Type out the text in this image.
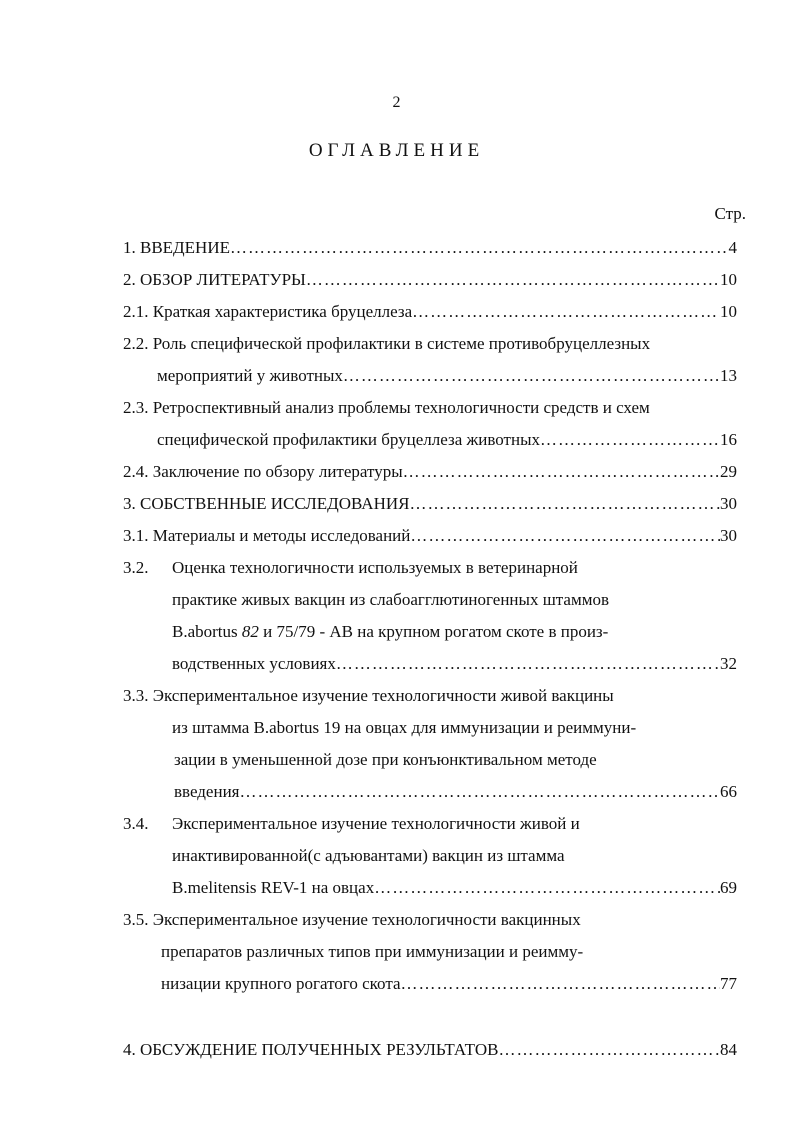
2
ОГЛАВЛЕНИЕ
Стр.
1. ВВЕДЕНИЕ ………………………………………………………………………………………………………………………………………………	4
2. ОБЗОР ЛИТЕРАТУРЫ ………………………………………………………………………………………………………………………………………………	10
2.1. Краткая характеристика бруцеллеза ………………………………………………………………………………………………………………………………………………	10
2.2. Роль специфической профилактики в системе противобруцеллезных
мероприятий у животных ………………………………………………………………………………………………………………………………………………	13
2.3. Ретроспективный анализ проблемы технологичности средств и схем
специфической профилактики бруцеллеза животных ………………………………………………………………………………………………………………………………………………	16
2.4. Заключение по обзору литературы ………………………………………………………………………………………………………………………………………………	29
3. СОБСТВЕННЫЕ ИССЛЕДОВАНИЯ ………………………………………………………………………………………………………………………………………………	30
3.1. Материалы и методы исследований ………………………………………………………………………………………………………………………………………………	30
3.2. Оценка технологичности используемых в ветеринарной
практике живых вакцин из слабоагглютиногенных штаммов
B.abortus 82 и 75/79 - АВ на крупном рогатом скоте в произ-
водственных условиях ………………………………………………………………………………………………………………………………………………	32
3.3. Экспериментальное изучение технологичности живой вакцины
из штамма B.abortus 19 на овцах для иммунизации и реиммуни-
зации в уменьшенной дозе при конъюнктивальном методе
введения ………………………………………………………………………………………………………………………………………………	66
3.4. Экспериментальное изучение технологичности живой и
инактивированной(с адъювантами) вакцин из штамма
B.melitensis REV-1 на овцах ………………………………………………………………………………………………………………………………………………	69
3.5. Экспериментальное изучение технологичности вакцинных
препаратов различных типов при иммунизации и реимму-
низации крупного рогатого скота ………………………………………………………………………………………………………………………………………………	77
4. ОБСУЖДЕНИЕ ПОЛУЧЕННЫХ РЕЗУЛЬТАТОВ ………………………………………………………………………………………………………………………………………………	84
